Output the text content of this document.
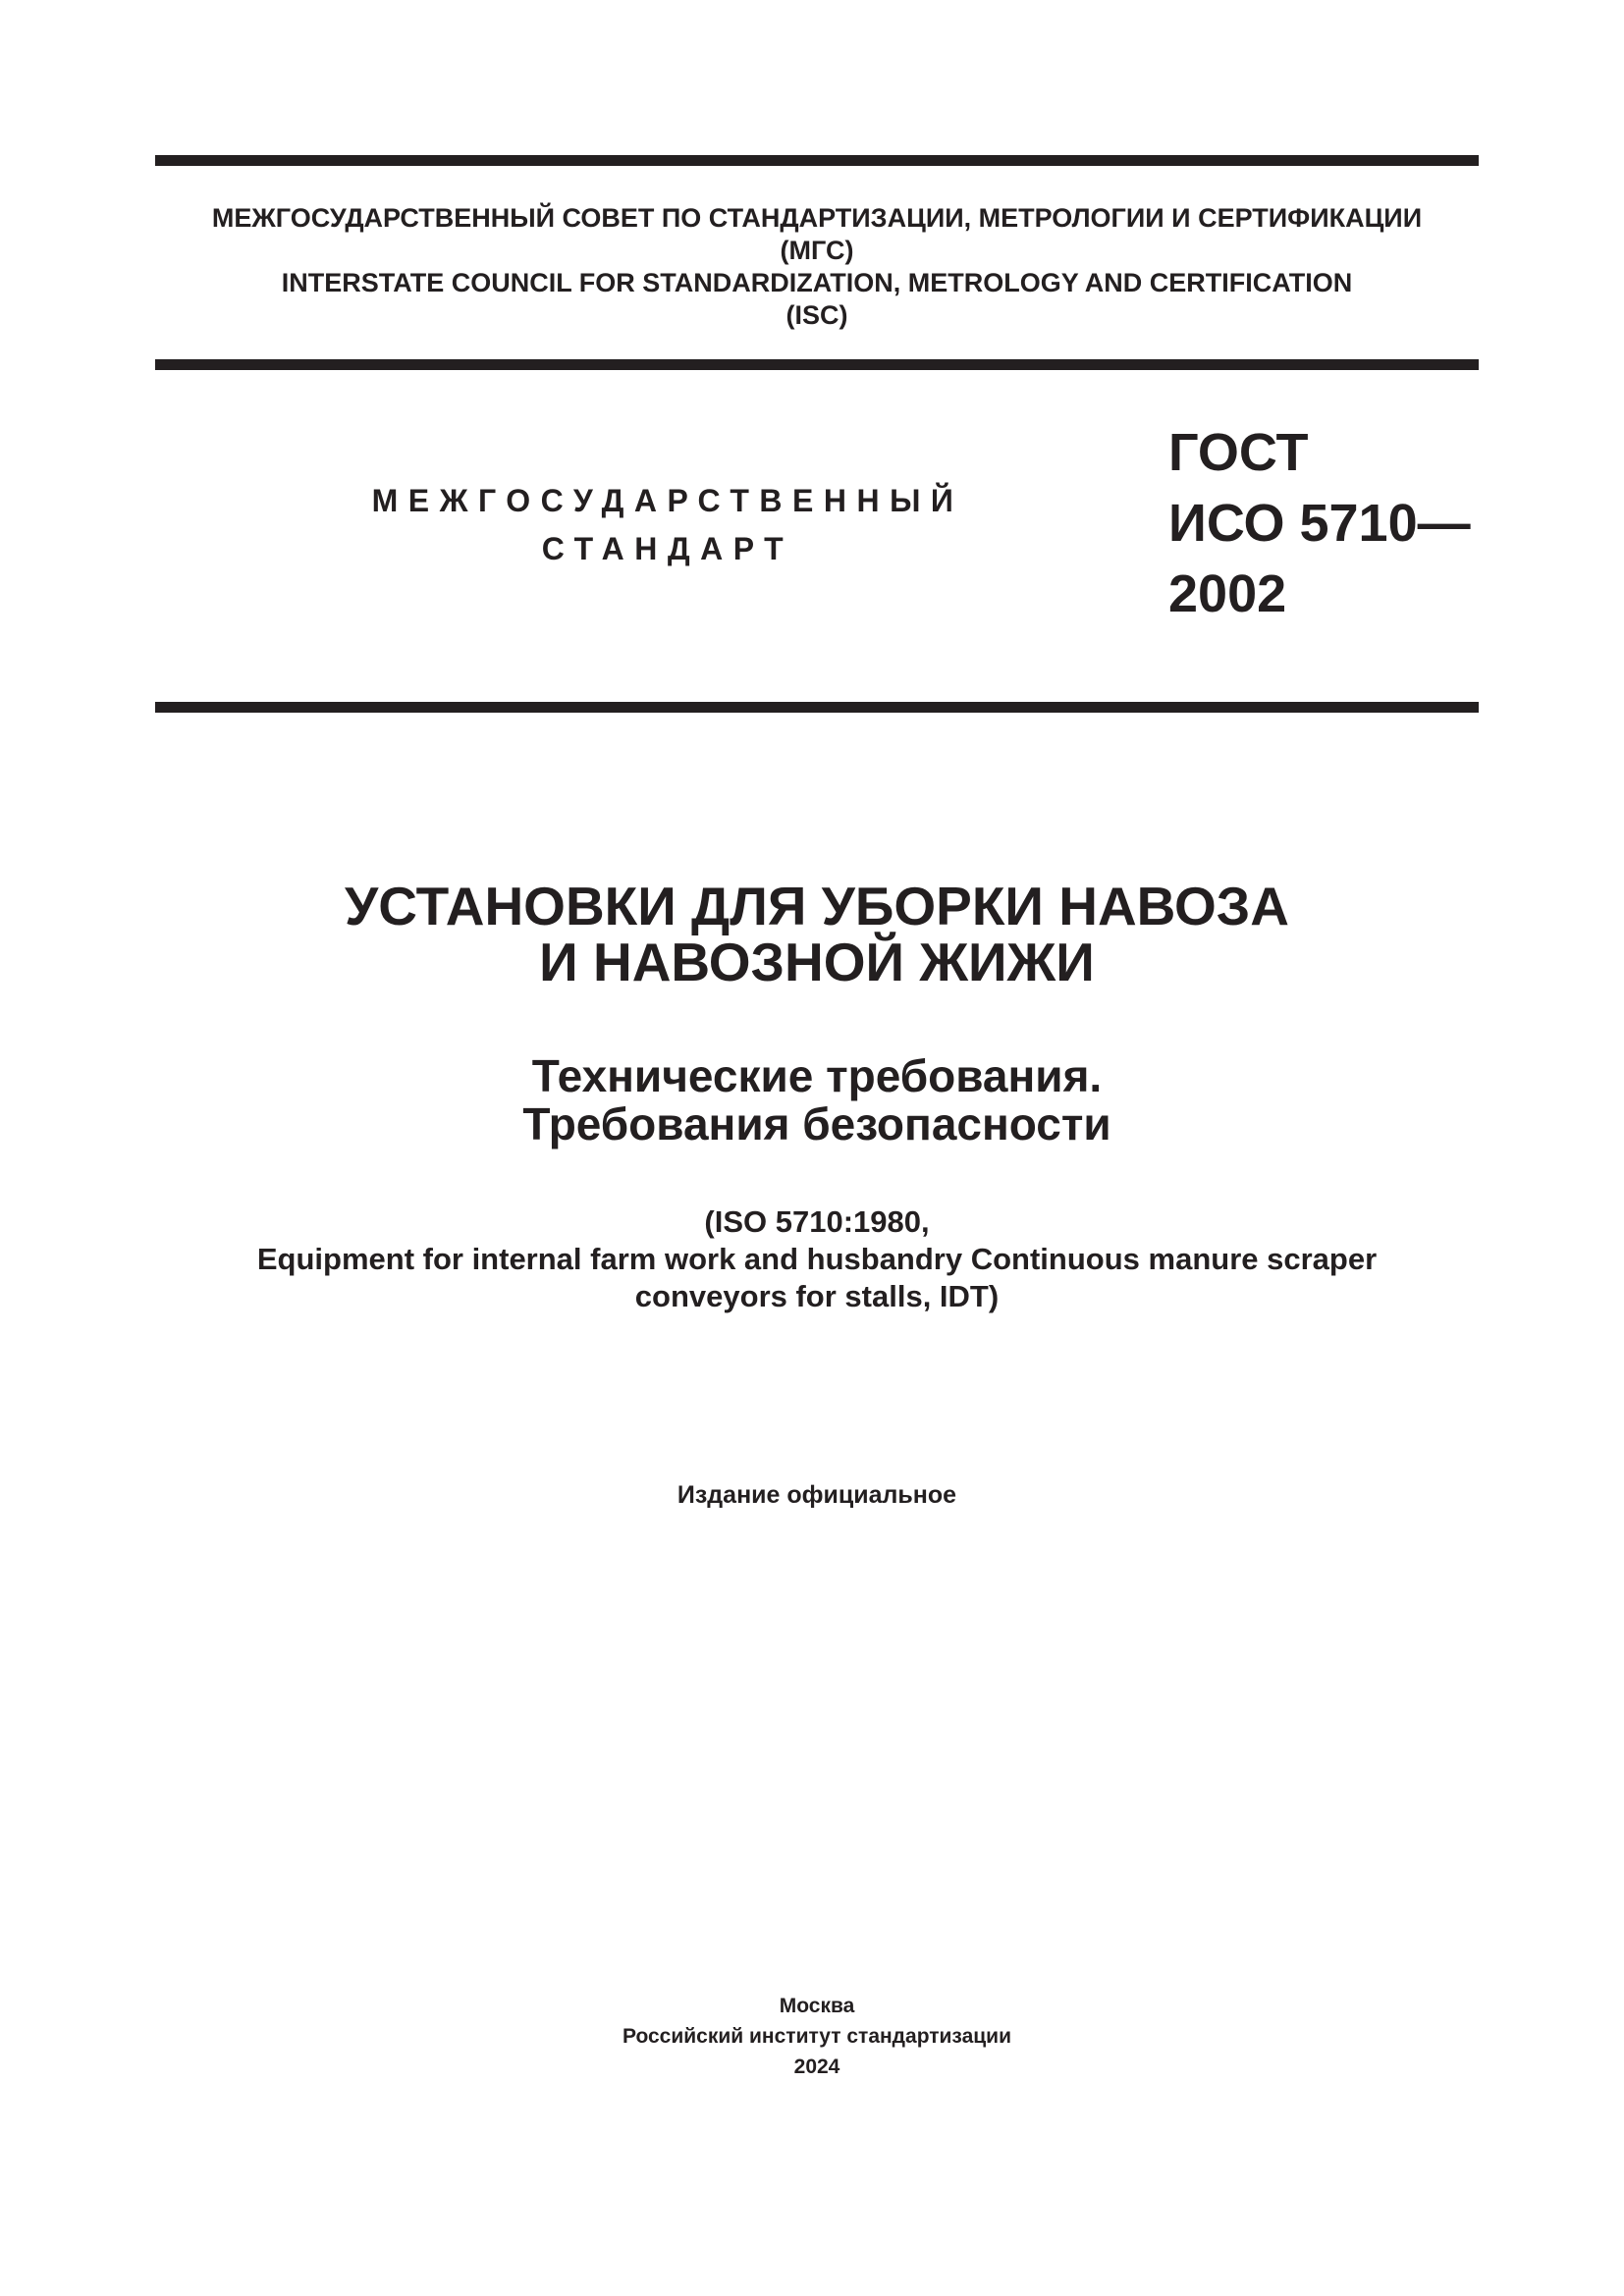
МЕЖГОСУДАРСТВЕННЫЙ СОВЕТ ПО СТАНДАРТИЗАЦИИ, МЕТРОЛОГИИ И СЕРТИФИКАЦИИ
(МГС)
INTERSTATE COUNCIL FOR STANDARDIZATION, METROLOGY AND CERTIFICATION
(ISC)
МЕЖГОСУДАРСТВЕННЫЙ
СТАНДАРТ
ГОСТ
ИСО 5710—
2002
УСТАНОВКИ ДЛЯ УБОРКИ НАВОЗА
И НАВОЗНОЙ ЖИЖИ
Технические требования.
Требования безопасности
(ISO 5710:1980,
Equipment for internal farm work and husbandry Continuous manure scraper
conveyors for stalls, IDT)
Издание официальное
Москва
Российский институт стандартизации
2024
